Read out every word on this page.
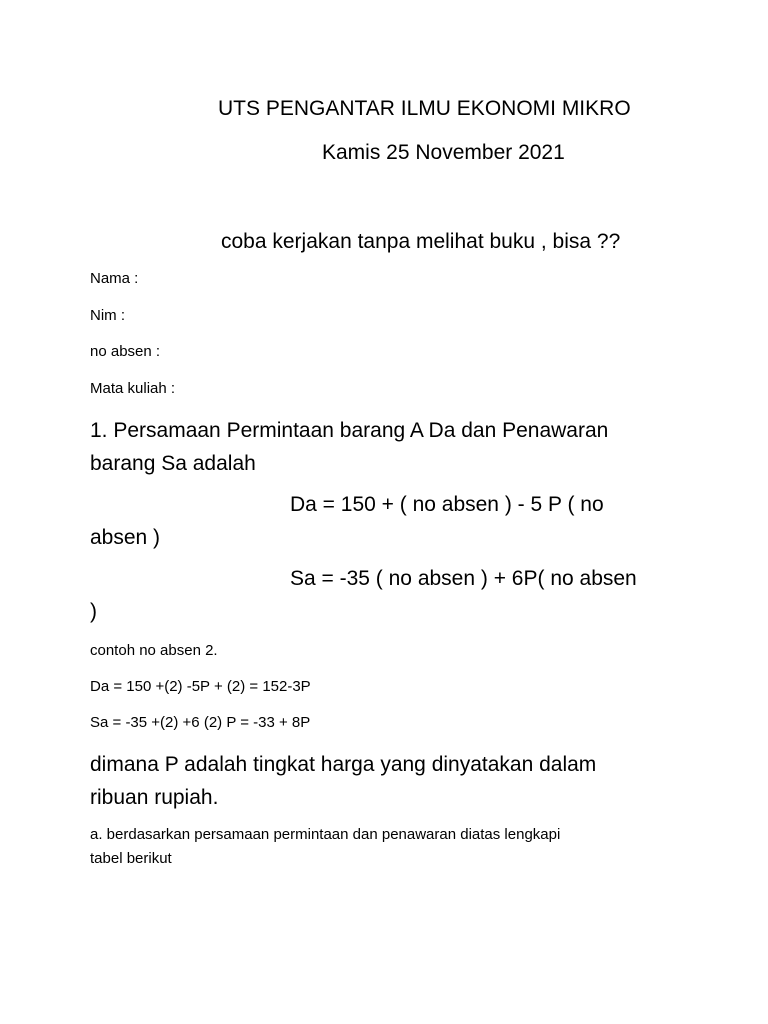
UTS PENGANTAR ILMU EKONOMI MIKRO
Kamis 25 November 2021
coba kerjakan tanpa melihat buku , bisa ??
Nama :
Nim :
no absen :
Mata kuliah :
1. Persamaan Permintaan barang A Da dan Penawaran
barang Sa adalah
Da = 150 + ( no absen ) - 5 P ( no
absen )
Sa = -35 ( no absen ) + 6P( no absen
)
contoh no absen 2.
Da = 150 +(2) -5P + (2) = 152-3P
Sa = -35 +(2) +6 (2) P = -33 + 8P
dimana P adalah tingkat harga yang dinyatakan dalam
ribuan rupiah.
a. berdasarkan persamaan permintaan dan penawaran diatas lengkapi
tabel berikut
